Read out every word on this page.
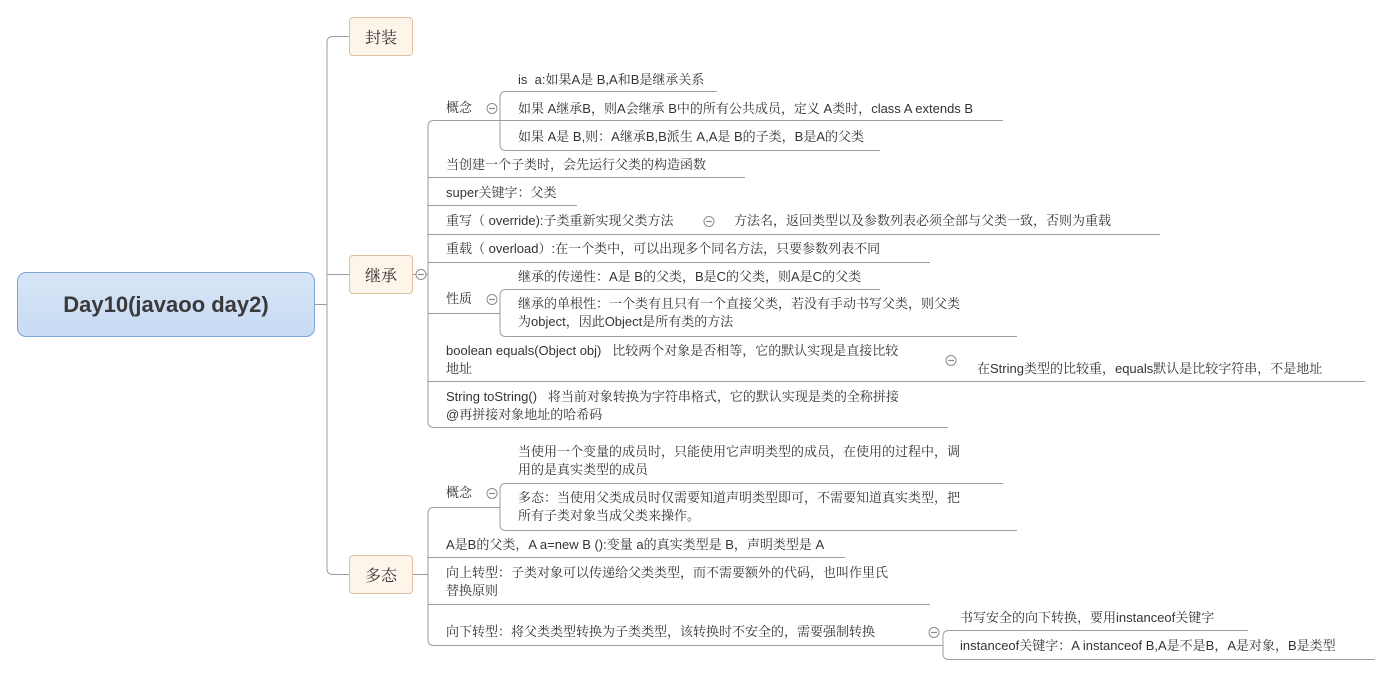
Day10(javaoo day2)
封装
继承
多态
概念
is  a:如果A是 B,A和B是继承关系
如果 A继承B，则A会继承 B中的所有公共成员，定义 A类时，class A extends B
如果 A是 B,则：A继承B,B派生 A,A是 B的子类，B是A的父类
当创建一个子类时，会先运行父类的构造函数
super关键字：父类
重写（ override):子类重新实现父类方法	方法名，返回类型以及参数列表必须全部与父类一致，否则为重载
重载（ overload）:在一个类中，可以出现多个同名方法，只要参数列表不同
性质
继承的传递性：A是 B的父类，B是C的父类，则A是C的父类
继承的单根性：一个类有且只有一个直接父类，若没有手动书写父类，则父类
为object，因此Object是所有类的方法
boolean equals(Object obj)   比较两个对象是否相等，它的默认实现是直接比较
地址	在String类型的比较重，equals默认是比较字符串，不是地址
String toString()   将当前对象转换为字符串格式，它的默认实现是类的全称拼接
@再拼接对象地址的哈希码
概念
当使用一个变量的成员时，只能使用它声明类型的成员，在使用的过程中，调
用的是真实类型的成员
多态：当使用父类成员时仅需要知道声明类型即可，不需要知道真实类型，把
所有子类对象当成父类来操作。
A是B的父类，A a=new B ():变量 a的真实类型是 B，声明类型是 A
向上转型：子类对象可以传递给父类类型，而不需要额外的代码，也叫作里氏
替换原则
向下转型：将父类类型转换为子类类型，该转换时不安全的，需要强制转换
书写安全的向下转换，要用instanceof关键字
instanceof关键字：A instanceof B,A是不是B，A是对象，B是类型
